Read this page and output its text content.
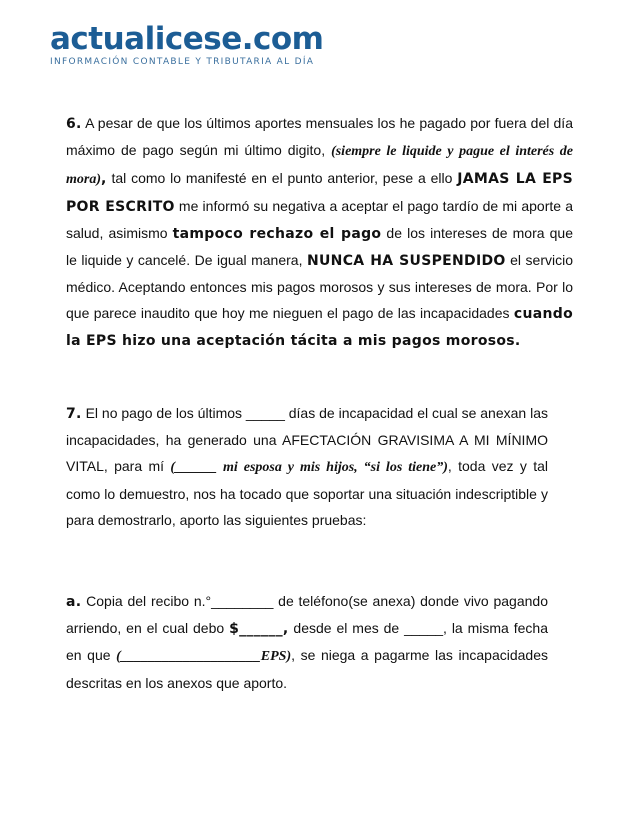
actualicese.com
INFORMACIÓN CONTABLE Y TRIBUTARIA AL DÍA

6. A pesar de que los últimos aportes mensuales los he pagado por fuera del día máximo de pago según mi último digito, (siempre le liquide y pague el interés de mora), tal como lo manifesté en el punto anterior, pese a ello JAMAS LA EPS POR ESCRITO me informó su negativa a aceptar el pago tardío de mi aporte a salud, asimismo tampoco rechazo el pago de los intereses de mora que le liquide y cancelé. De igual manera, NUNCA HA SUSPENDIDO el servicio médico. Aceptando entonces mis pagos morosos y sus intereses de mora. Por lo que parece inaudito que hoy me nieguen el pago de las incapacidades cuando la EPS hizo una aceptación tácita a mis pagos morosos.

7. El no pago de los últimos _____ días de incapacidad el cual se anexan las incapacidades, ha generado una AFECTACIÓN GRAVISIMA A MI MÍNIMO VITAL, para mí (______ mi esposa y mis hijos, “si los tiene”), toda vez y tal como lo demuestro, nos ha tocado que soportar una situación indescriptible y para demostrarlo, aporto las siguientes pruebas:

a. Copia del recibo n.°________ de teléfono(se anexa) donde vivo pagando arriendo, en el cual debo $______, desde el mes de _____, la misma fecha en que (____________________EPS), se niega a pagarme las incapacidades descritas en los anexos que aporto.
